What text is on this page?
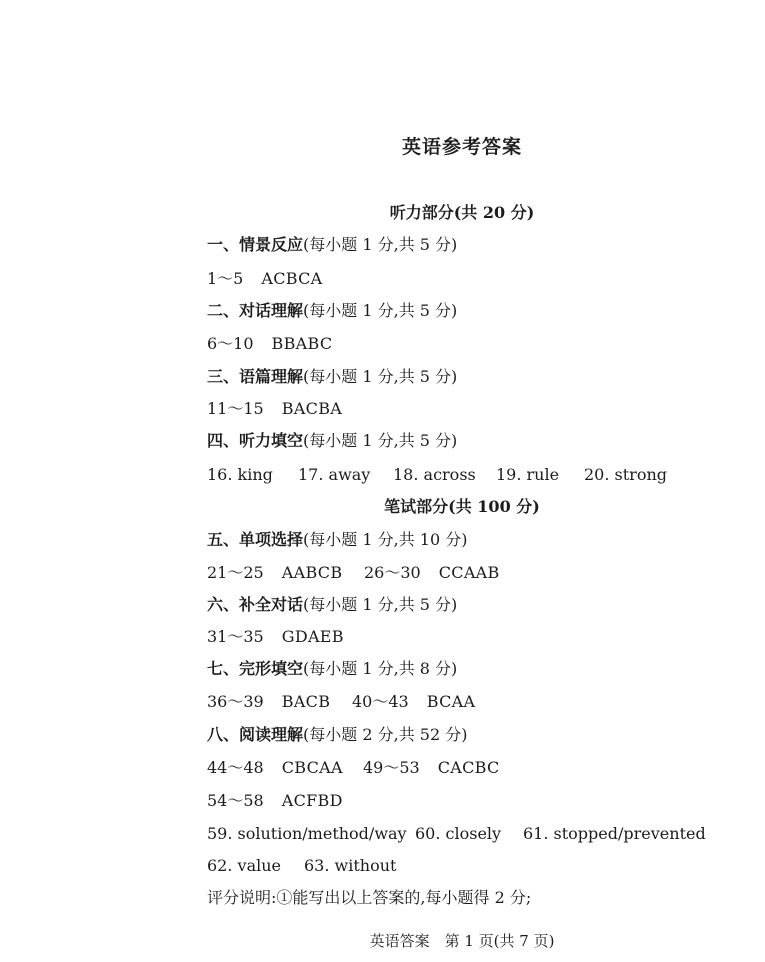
英语参考答案
听力部分(共 20 分)
一、情景反应(每小题 1 分,共 5 分)
1～5 ACBCA
二、对话理解(每小题 1 分,共 5 分)
6～10 BBABC
三、语篇理解(每小题 1 分,共 5 分)
11～15 BACBA
四、听力填空(每小题 1 分,共 5 分)
16. king 17. away 18. across 19. rule 20. strong
笔试部分(共 100 分)
五、单项选择(每小题 1 分,共 10 分)
21～25 AABCB 26～30 CCAAB
六、补全对话(每小题 1 分,共 5 分)
31～35 GDAEB
七、完形填空(每小题 1 分,共 8 分)
36～39 BACB 40～43 BCAA
八、阅读理解(每小题 2 分,共 52 分)
44～48 CBCAA 49～53 CACBC
54～58 ACFBD
59. solution/method/way 60. closely 61. stopped/prevented
62. value 63. without
评分说明:①能写出以上答案的,每小题得 2 分;
英语答案　第 1 页(共 7 页)
